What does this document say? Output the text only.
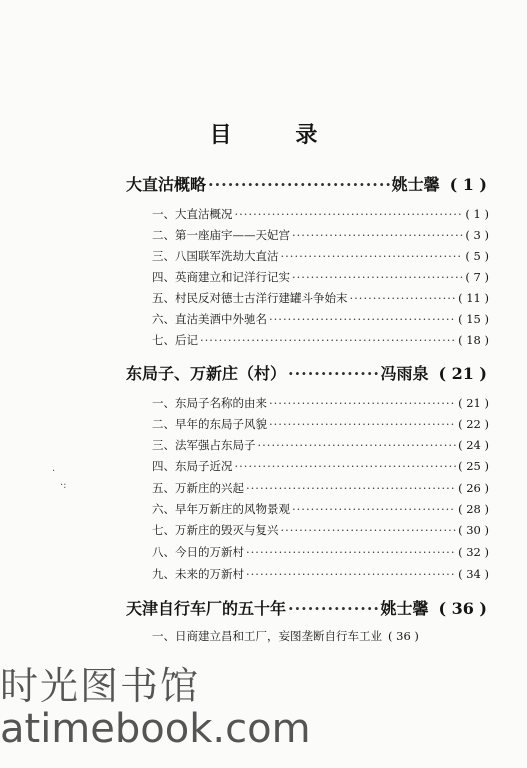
目 录
大直沽概略 ·····	姚士馨 ( 1 )
一、大直沽概况 ·····	( 1 )
二、第一座庙宇——天妃宫 ·····	( 3 )
三、八国联军洗劫大直沽 ·····	( 5 )
四、英商建立和记洋行记实 ·····	( 7 )
五、村民反对德士古洋行建罐斗争始末 ·····	( 11 )
六、直沽美酒中外驰名 ·····	( 15 )
七、后记 ·····	( 18 )
东局子、万新庄（村） ·····	冯雨泉 ( 21 )
一、东局子名称的由来 ·····	( 21 )
二、早年的东局子风貌 ·····	( 22 )
三、法军强占东局子 ·····	( 24 )
四、东局子近况 ·····	( 25 )
五、万新庄的兴起 ·····	( 26 )
六、早年万新庄的风物景观 ·····	( 28 )
七、万新庄的毁灭与复兴 ·····	( 30 )
八、今日的万新村 ·····	( 32 )
九、未来的万新村 ·····	( 34 )
天津自行车厂的五十年 ·····	姚士馨 ( 36 )
一、日商建立昌和工厂，妄图垄断自行车工业 ( 36 )
·
·:
时光图书馆
atimebook.com
